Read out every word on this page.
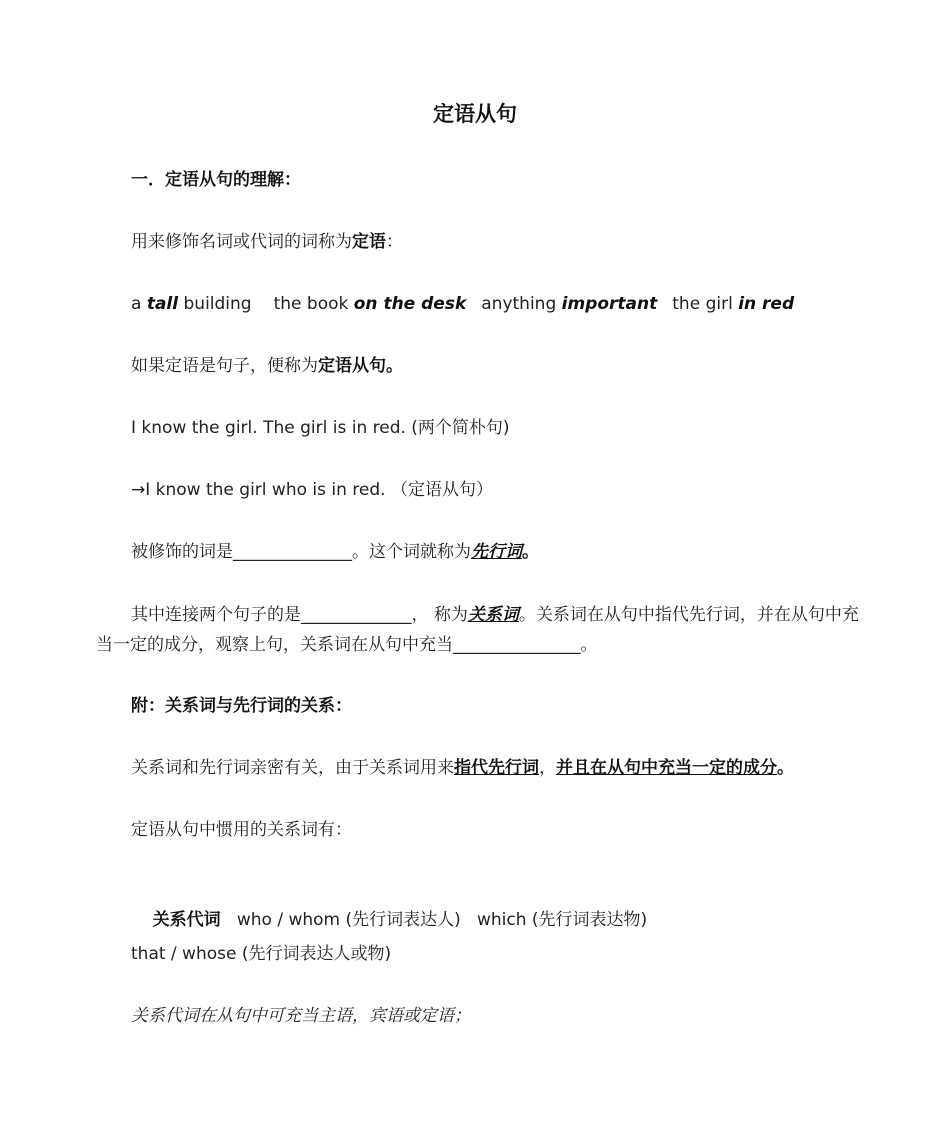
定语从句
一．定语从句的理解：
用来修饰名词或代词的词称为定语：
a tall building the book on the desk anything important the girl in red
如果定语是句子，便称为定语从句。
I know the girl. The girl is in red. (两个简朴句)
→I know the girl who is in red. （定语从句）
被修饰的词是______________。这个词就称为先行词。
其中连接两个句子的是_____________， 称为关系词。关系词在从句中指代先行词，并在从句中充当一定的成分，观察上句，关系词在从句中充当_______________。
附：关系词与先行词的关系：
关系词和先行词亲密有关，由于关系词用来指代先行词，并且在从句中充当一定的成分。
定语从句中惯用的关系词有：

关系代词   who / whom (先行词表达人)   which (先行词表达物)

that / whose (先行词表达人或物)
关系代词在从句中可充当主语，宾语或定语；
